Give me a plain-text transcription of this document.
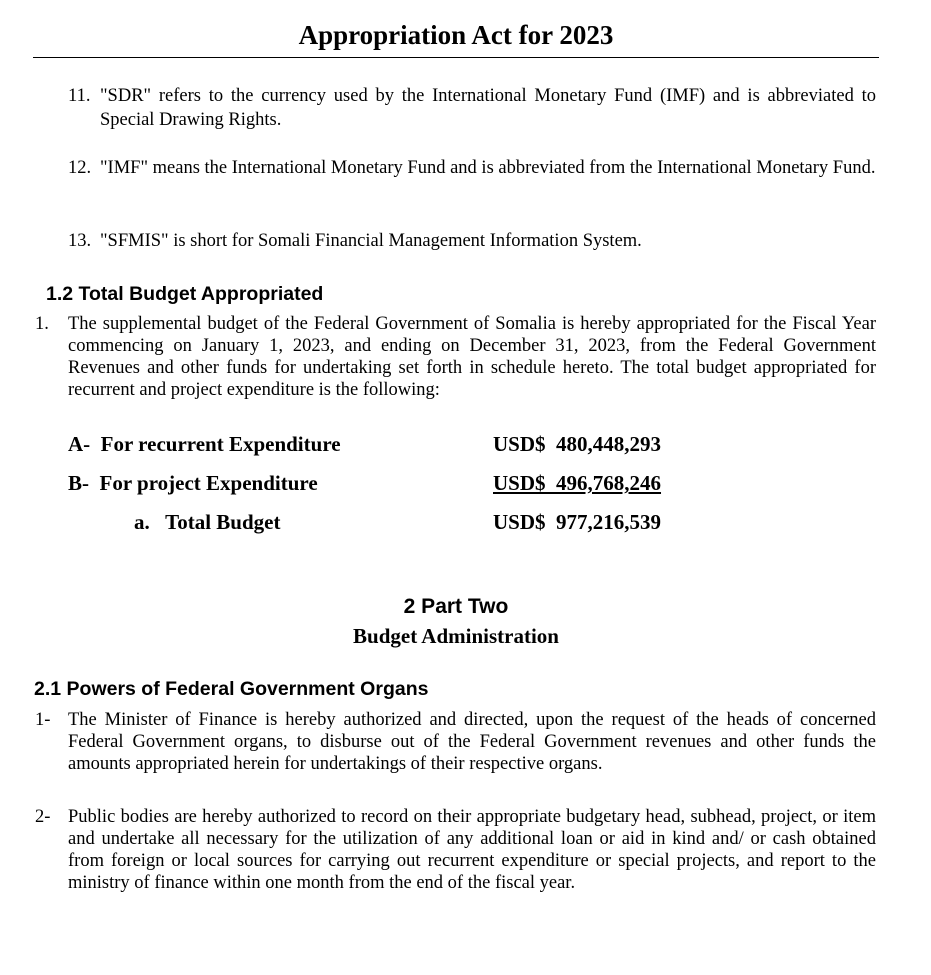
Appropriation Act for 2023
11. "SDR" refers to the currency used by the International Monetary Fund (IMF) and is abbreviated to Special Drawing Rights.
12. "IMF" means the International Monetary Fund and is abbreviated from the International Monetary Fund.
13. "SFMIS" is short for Somali Financial Management Information System.
1.2 Total Budget Appropriated
1. The supplemental budget of the Federal Government of Somalia is hereby appropriated for the Fiscal Year commencing on January 1, 2023, and ending on December 31, 2023, from the Federal Government Revenues and other funds for undertaking set forth in schedule hereto. The total budget appropriated for recurrent and project expenditure is the following:
A-  For recurrent Expenditure	USD$  480,448,293
B-  For project Expenditure	USD$  496,768,246
a.   Total Budget	USD$  977,216,539
2 Part Two
Budget Administration
2.1 Powers of Federal Government Organs
1- The Minister of Finance is hereby authorized and directed, upon the request of the heads of concerned Federal Government organs, to disburse out of the Federal Government revenues and other funds the amounts appropriated herein for undertakings of their respective organs.
2- Public bodies are hereby authorized to record on their appropriate budgetary head, subhead, project, or item and undertake all necessary for the utilization of any additional loan or aid in kind and/ or cash obtained from foreign or local sources for carrying out recurrent expenditure or special projects, and report to the ministry of finance within one month from the end of the fiscal year.
